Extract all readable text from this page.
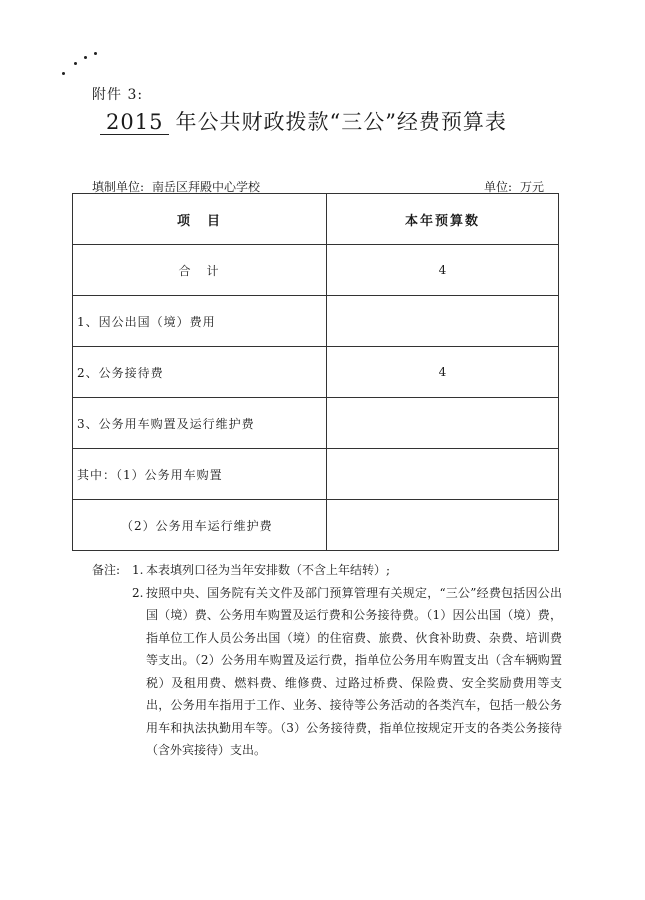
附件 3:
2015 年公共财政拨款“三公”经费预算表
填制单位: 南岳区拜殿中心学校	单位: 万元
项　目	本年预算数
合　计	4
1、因公出国（境）费用	
2、公务接待费	4
3、公务用车购置及运行维护费	
其中：（1）公务用车购置	
（2）公务用车运行维护费	
备注: 1. 本表填列口径为当年安排数（不含上年结转）;
2. 按照中央、国务院有关文件及部门预算管理有关规定，“三公”经费包括因公出国（境）费、公务用车购置及运行费和公务接待费。（1）因公出国（境）费，指单位工作人员公务出国（境）的住宿费、旅费、伙食补助费、杂费、培训费等支出。（2）公务用车购置及运行费，指单位公务用车购置支出（含车辆购置税）及租用费、燃料费、维修费、过路过桥费、保险费、安全奖励费用等支出，公务用车指用于工作、业务、接待等公务活动的各类汽车，包括一般公务用车和执法执勤用车等。（3）公务接待费，指单位按规定开支的各类公务接待（含外宾接待）支出。
